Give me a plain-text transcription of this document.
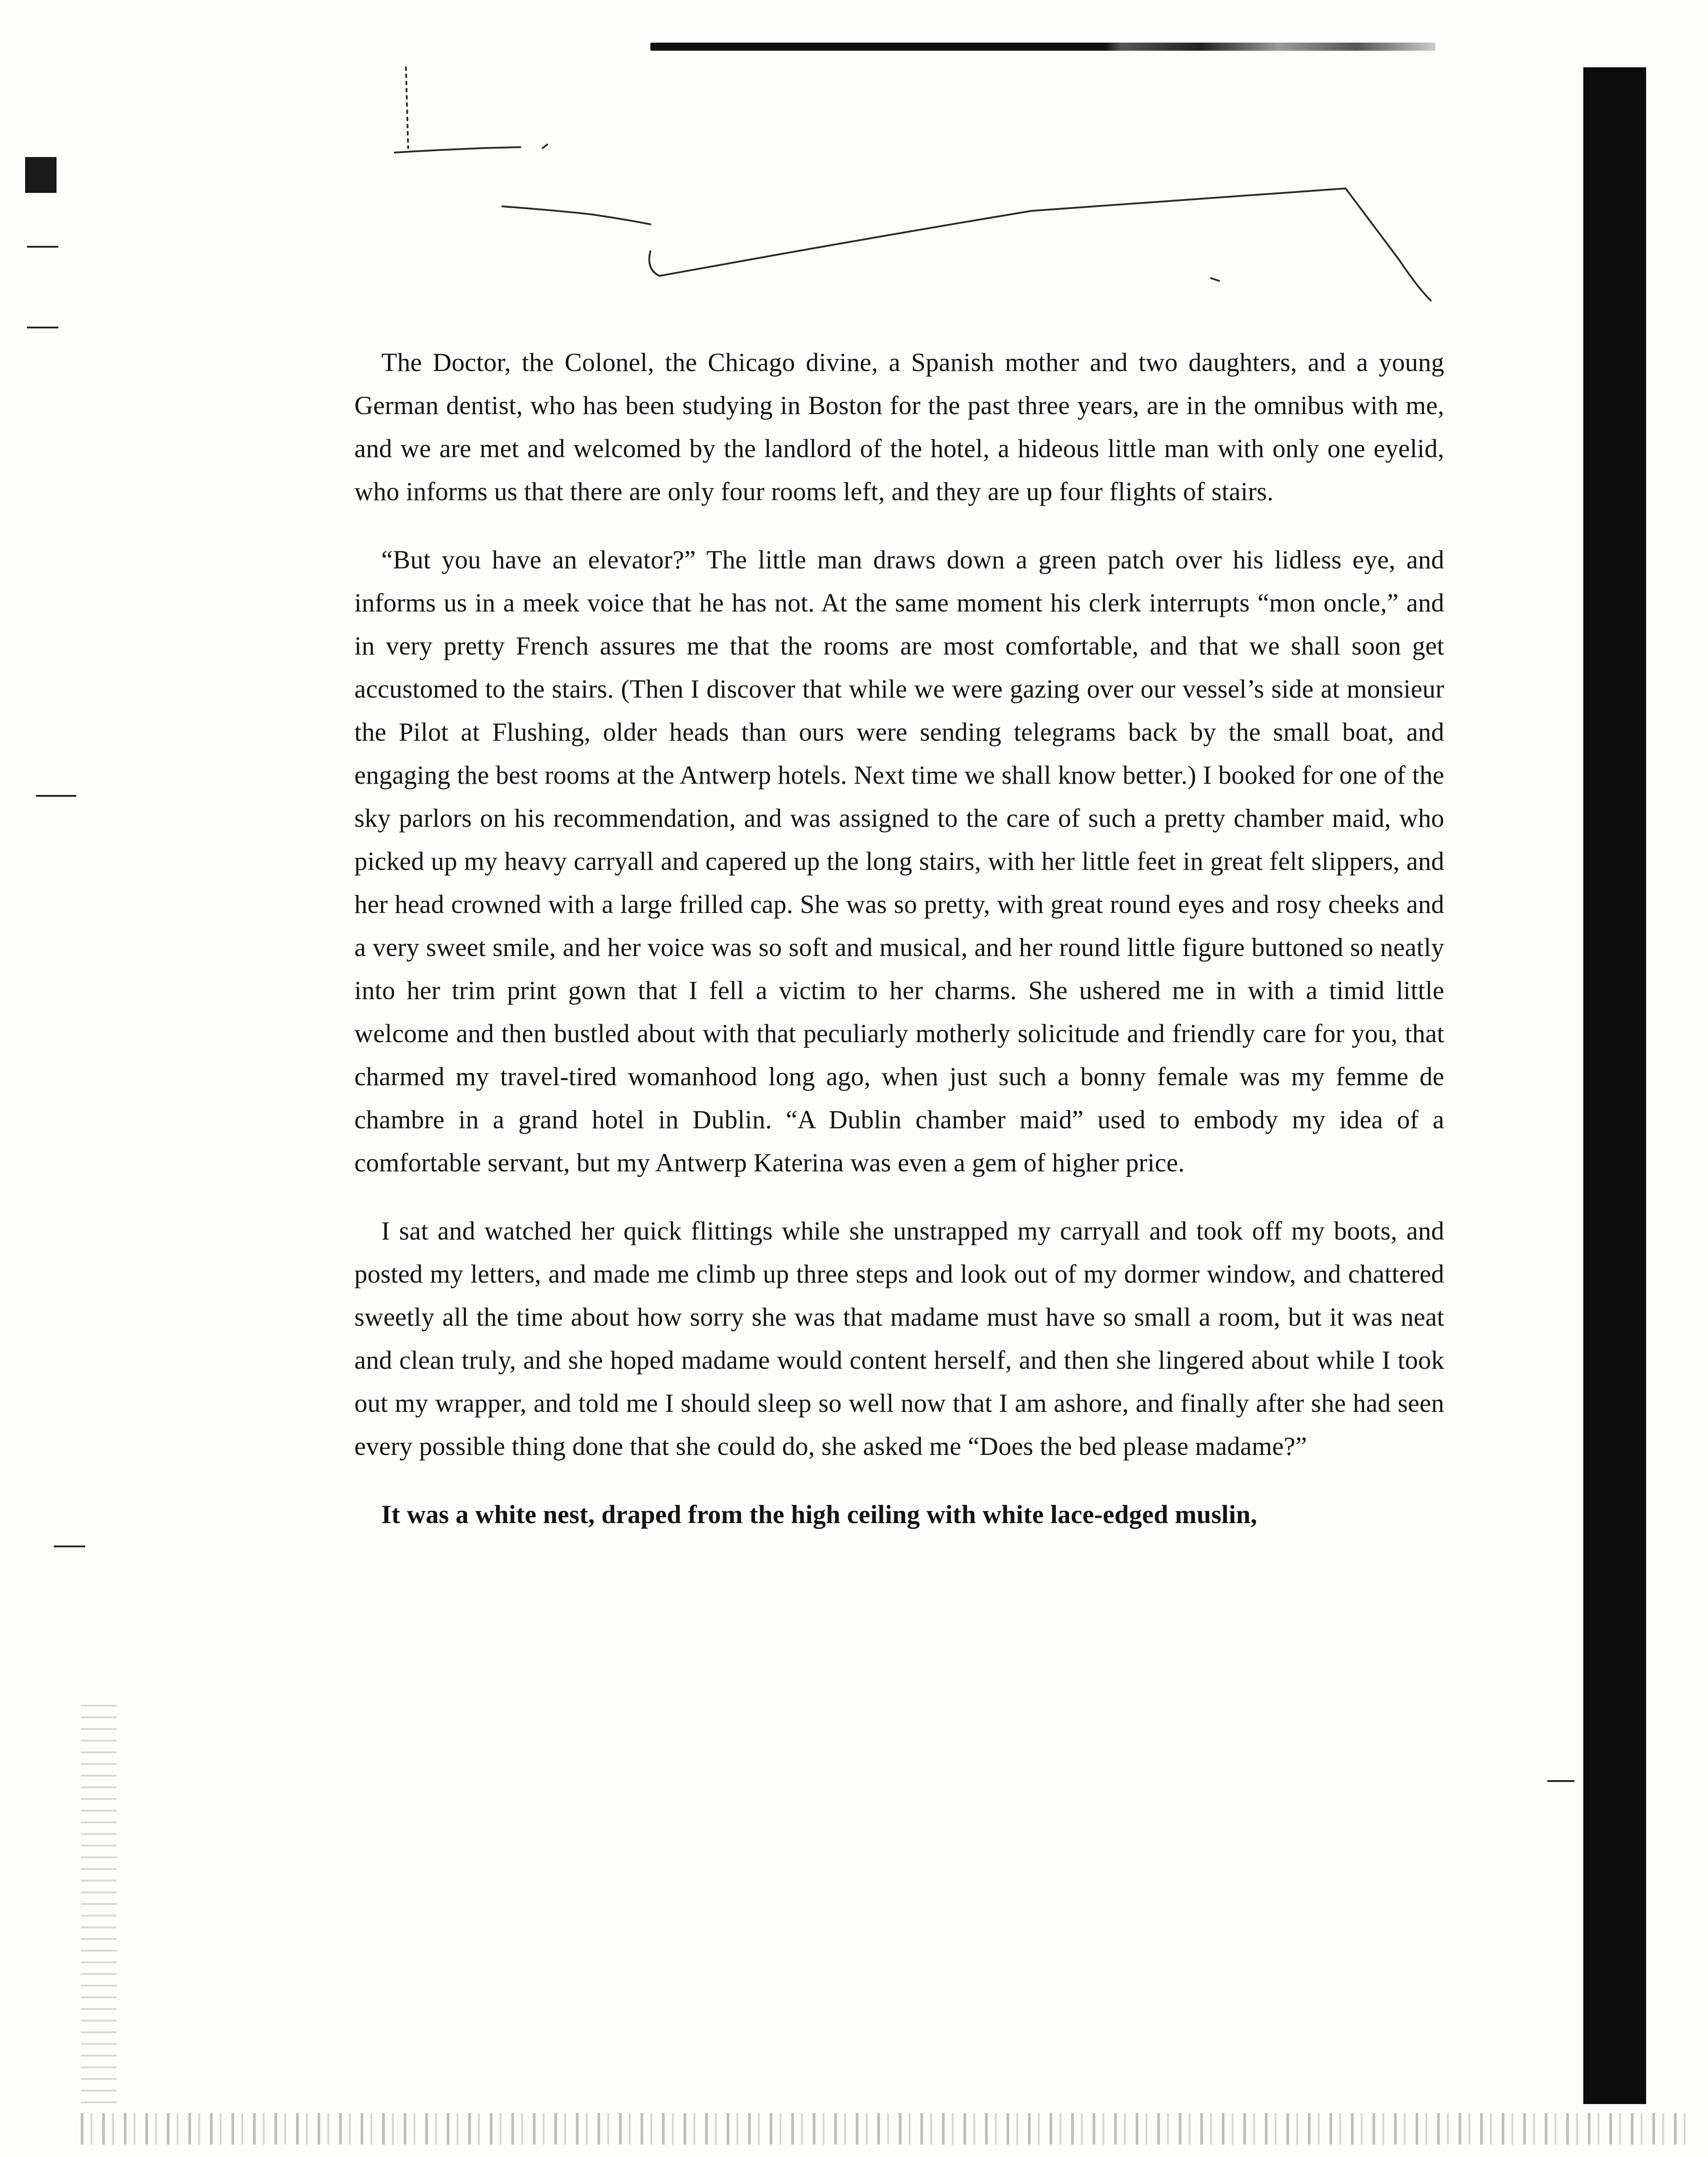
The Doctor, the Colonel, the Chicago divine, a Spanish mother and two daughters, and a young German dentist, who has been studying in Boston for the past three years, are in the omnibus with me, and we are met and welcomed by the landlord of the hotel, a hideous little man with only one eyelid, who informs us that there are only four rooms left, and they are up four flights of stairs.

“But you have an elevator?” The little man draws down a green patch over his lidless eye, and informs us in a meek voice that he has not. At the same moment his clerk interrupts “mon oncle,” and in very pretty French assures me that the rooms are most comfortable, and that we shall soon get accustomed to the stairs. (Then I discover that while we were gazing over our vessel’s side at monsieur the Pilot at Flushing, older heads than ours were sending telegrams back by the small boat, and engaging the best rooms at the Antwerp hotels. Next time we shall know better.) I booked for one of the sky parlors on his recommendation, and was assigned to the care of such a pretty chamber maid, who picked up my heavy carryall and capered up the long stairs, with her little feet in great felt slippers, and her head crowned with a large frilled cap. She was so pretty, with great round eyes and rosy cheeks and a very sweet smile, and her voice was so soft and musical, and her round little figure buttoned so neatly into her trim print gown that I fell a victim to her charms. She ushered me in with a timid little welcome and then bustled about with that peculiarly motherly solicitude and friendly care for you, that charmed my travel-tired womanhood long ago, when just such a bonny female was my femme de chambre in a grand hotel in Dublin. “A Dublin chamber maid” used to embody my idea of a comfortable servant, but my Antwerp Katerina was even a gem of higher price.

I sat and watched her quick flittings while she unstrapped my carryall and took off my boots, and posted my letters, and made me climb up three steps and look out of my dormer window, and chattered sweetly all the time about how sorry she was that madame must have so small a room, but it was neat and clean truly, and she hoped madame would content herself, and then she lingered about while I took out my wrapper, and told me I should sleep so well now that I am ashore, and finally after she had seen every possible thing done that she could do, she asked me “Does the bed please madame?”

It was a white nest, draped from the high ceiling with white lace-edged muslin,
